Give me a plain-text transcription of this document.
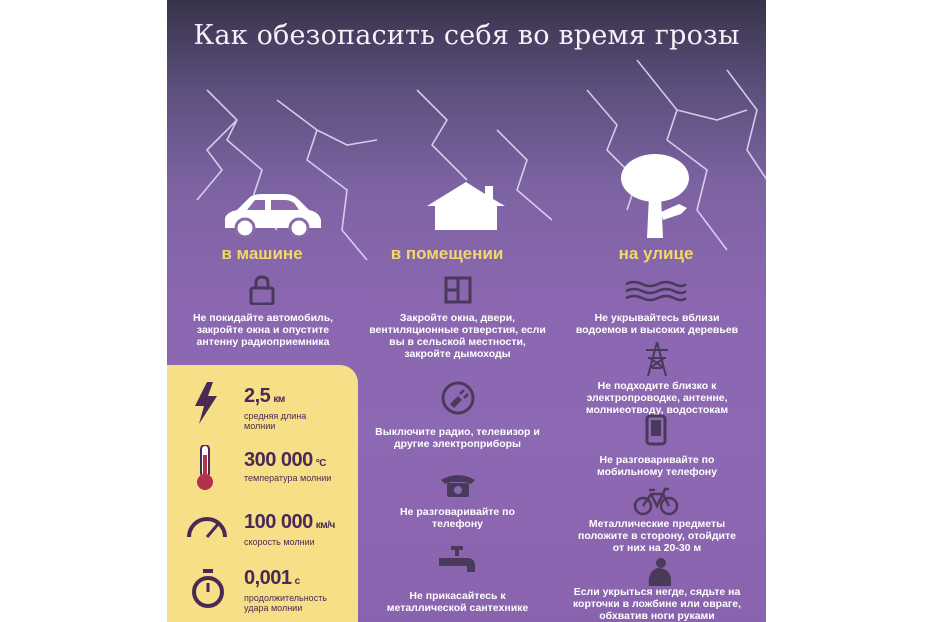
Как обезопасить себя во время грозы
в машине	в помещении	на улице
Не покидайте автомобиль, закройте окна и опустите антенну радиоприемника
2,5 км
средняя длина молнии
300 000 °С
температура молнии
100 000 км/ч
скорость молнии
0,001 с
продолжительность удара молнии
Закройте окна, двери, вентиляционные отверстия, если вы в сельской местности, закройте дымоходы
Выключите радио, телевизор и другие электроприборы
Не разговаривайте по телефону
Не прикасайтесь к металлической сантехнике
Не укрывайтесь вблизи водоемов и высоких деревьев
Не подходите близко к электропроводке, антенне, молниеотводу, водостокам
Не разговаривайте по мобильному телефону
Металлические предметы положите в сторону, отойдите от них на 20-30 м
Если укрыться негде, сядьте на корточки в ложбине или овраге, обхватив ноги руками
